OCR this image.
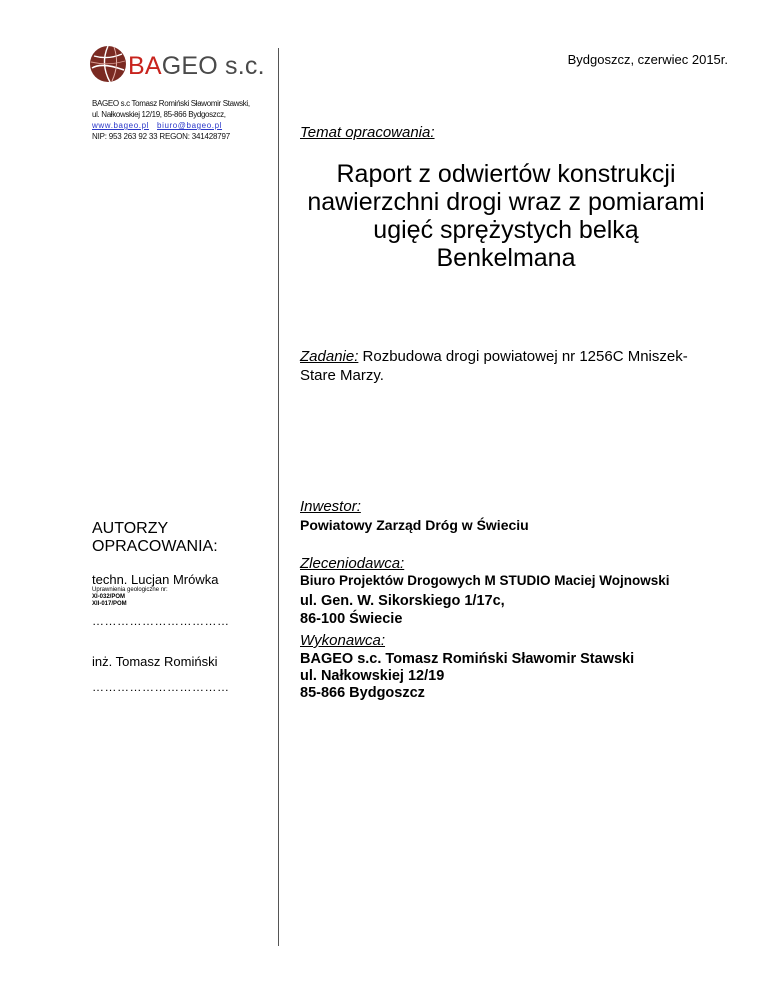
BAGEO s.c.
BAGEO s.c Tomasz Romiński Sławomir Stawski,
ul. Nałkowskiej 12/19, 85-866 Bydgoszcz,
www.bageo.pl biuro@bageo.pl
NIP: 953 263 92 33 REGON: 341428797
Bydgoszcz, czerwiec 2015r.
Temat opracowania:
Raport z odwiertów konstrukcji
nawierzchni drogi wraz z pomiarami
ugięć sprężystych belką
Benkelmana
Zadanie: Rozbudowa drogi powiatowej nr 1256C Mniszek-Stare Marzy.
Inwestor:
Powiatowy Zarząd Dróg w Świeciu
Zleceniodawca:
Biuro Projektów Drogowych M STUDIO Maciej Wojnowski
ul. Gen. W. Sikorskiego 1/17c,
86-100 Świecie
Wykonawca:
BAGEO s.c. Tomasz Romiński Sławomir Stawski
ul. Nałkowskiej 12/19
85-866 Bydgoszcz
AUTORZY
OPRACOWANIA:
techn. Lucjan Mrówka
Uprawnienia geologiczne nr:
XI-032/POM
XII-017/POM
……………………………
inż. Tomasz Romiński
……………………………
